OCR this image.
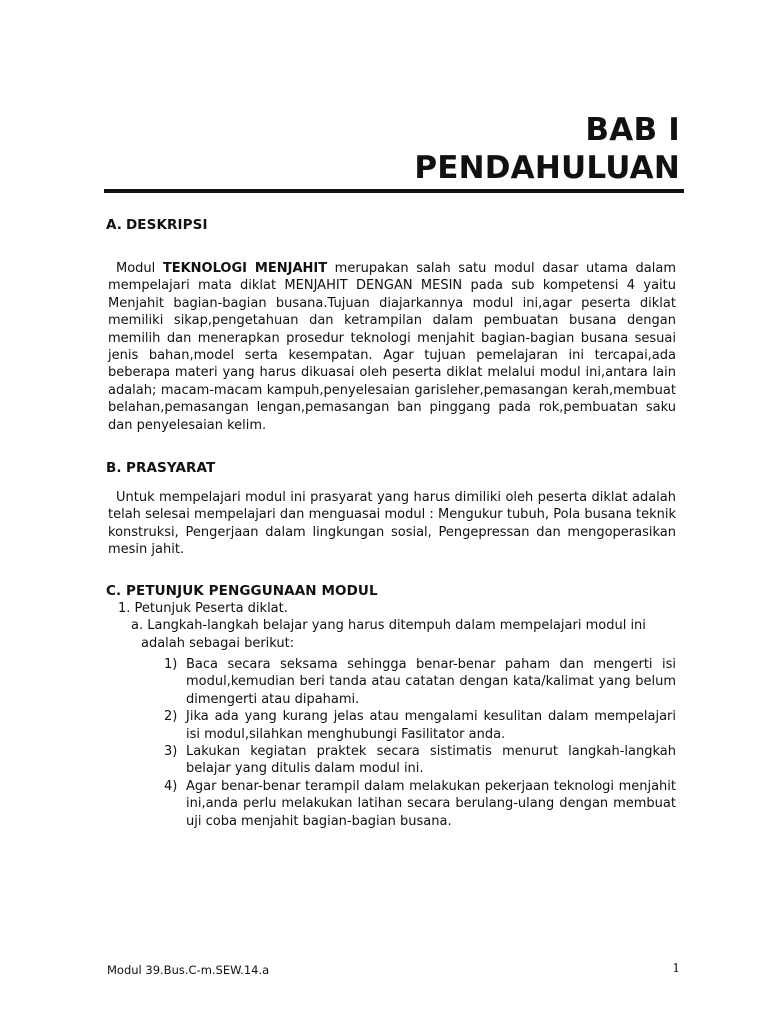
BAB I
PENDAHULUAN
A. DESKRIPSI

Modul TEKNOLOGI MENJAHIT merupakan salah satu modul dasar utama dalam mempelajari mata diklat MENJAHIT DENGAN MESIN pada sub kompetensi 4 yaitu Menjahit bagian-bagian busana.Tujuan diajarkannya modul ini,agar peserta diklat memiliki sikap,pengetahuan dan ketrampilan dalam pembuatan busana dengan memilih dan menerapkan prosedur teknologi menjahit bagian-bagian busana sesuai jenis bahan,model serta kesempatan. Agar tujuan pemelajaran ini tercapai,ada beberapa materi yang harus dikuasai oleh peserta diklat melalui modul ini,antara lain adalah; macam-macam kampuh,penyelesaian garisleher,pemasangan kerah,membuat belahan,pemasangan lengan,pemasangan ban pinggang pada rok,pembuatan saku dan penyelesaian kelim.

B. PRASYARAT

Untuk mempelajari modul ini prasyarat yang harus dimiliki oleh peserta diklat adalah telah selesai mempelajari dan menguasai modul : Mengukur tubuh, Pola busana teknik konstruksi, Pengerjaan dalam lingkungan sosial, Pengepressan dan mengoperasikan mesin jahit.

C. PETUNJUK PENGGUNAAN MODUL

1. Petunjuk Peserta diklat.

a. Langkah-langkah belajar yang harus ditempuh dalam mempelajari modul ini adalah sebagai berikut:

1) Baca secara seksama sehingga benar-benar paham dan mengerti isi modul,kemudian beri tanda atau catatan dengan kata/kalimat yang belum dimengerti atau dipahami.
2) Jika ada yang kurang jelas atau mengalami kesulitan dalam mempelajari isi modul,silahkan menghubungi Fasilitator anda.
3) Lakukan kegiatan praktek secara sistimatis menurut langkah-langkah belajar yang ditulis dalam modul ini.
4) Agar benar-benar terampil dalam melakukan pekerjaan teknologi menjahit ini,anda perlu melakukan latihan secara berulang-ulang dengan membuat uji coba menjahit bagian-bagian busana.
Modul 39.Bus.C-m.SEW.14.a	1
